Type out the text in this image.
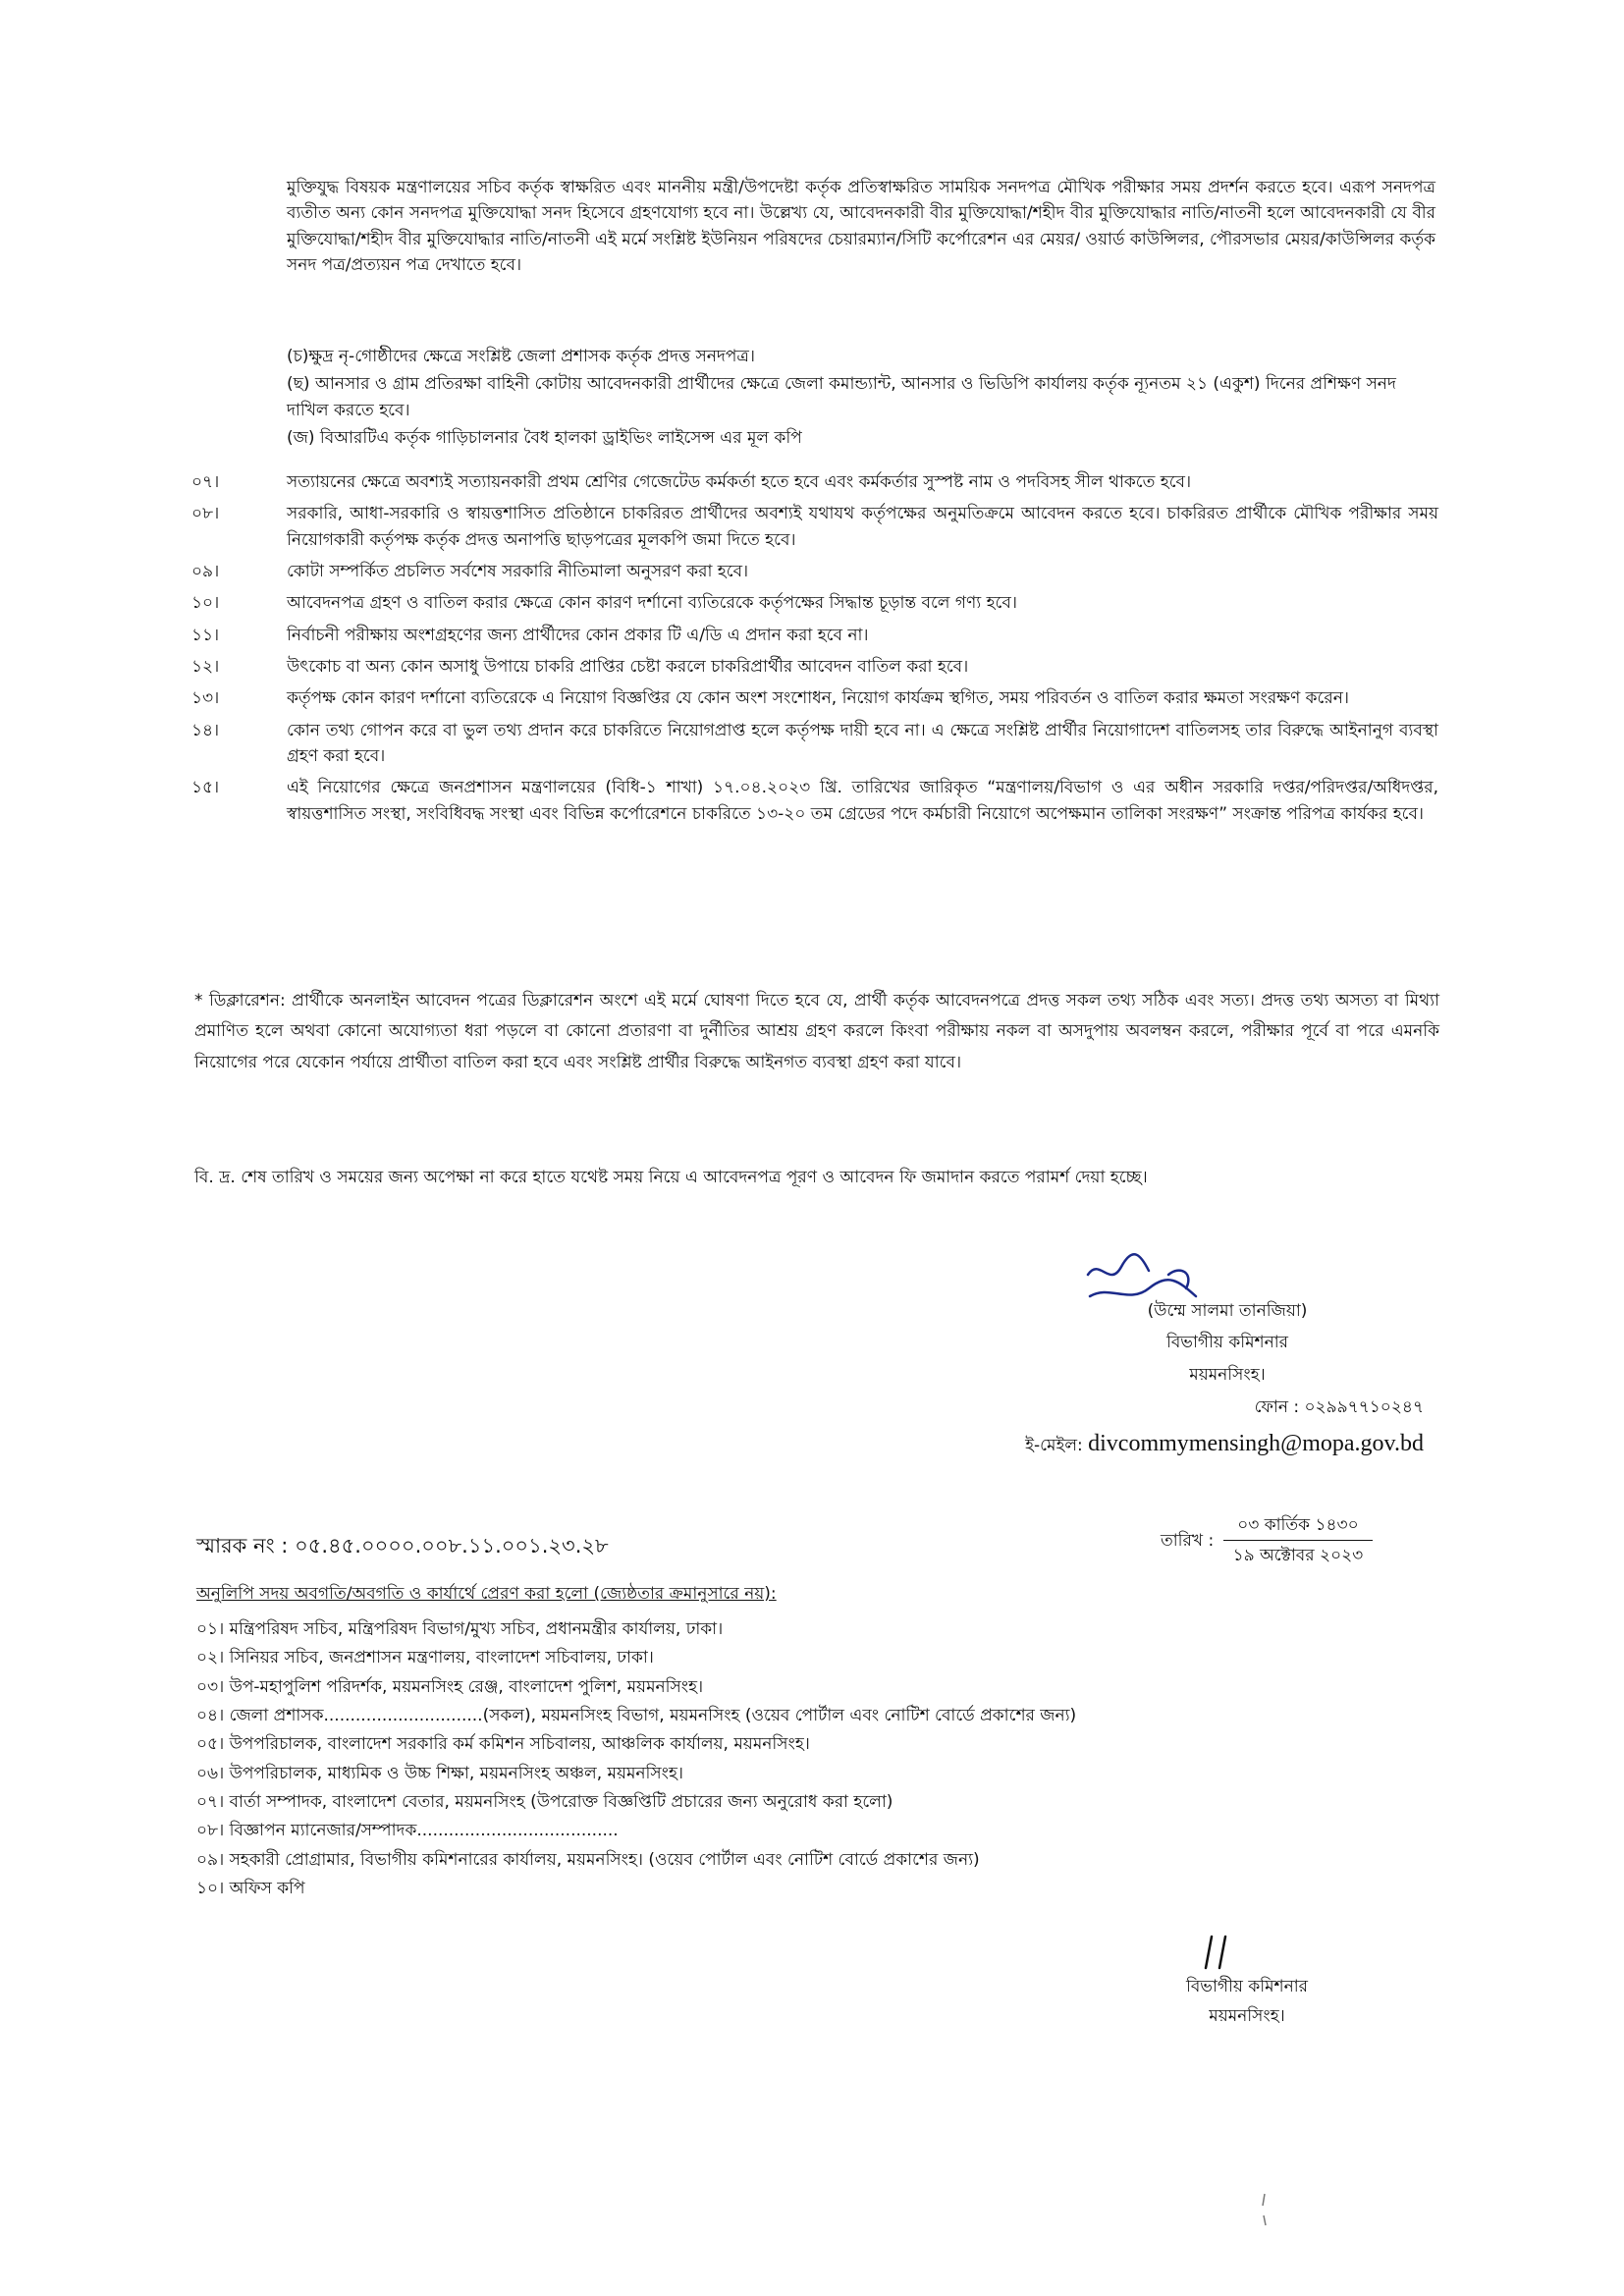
মুক্তিযুদ্ধ বিষয়ক মন্ত্রণালয়ের সচিব কর্তৃক স্বাক্ষরিত এবং মাননীয় মন্ত্রী/উপদেষ্টা কর্তৃক প্রতিস্বাক্ষরিত সাময়িক সনদপত্র মৌখিক পরীক্ষার সময় প্রদর্শন করতে হবে। এরূপ সনদপত্র ব্যতীত অন্য কোন সনদপত্র মুক্তিযোদ্ধা সনদ হিসেবে গ্রহণযোগ্য হবে না। উল্লেখ্য যে, আবেদনকারী বীর মুক্তিযোদ্ধা/শহীদ বীর মুক্তিযোদ্ধার নাতি/নাতনী হলে আবেদনকারী যে বীর মুক্তিযোদ্ধা/শহীদ বীর মুক্তিযোদ্ধার নাতি/নাতনী এই মর্মে সংশ্লিষ্ট ইউনিয়ন পরিষদের চেয়ারম্যান/সিটি কর্পোরেশন এর মেয়র/ ওয়ার্ড কাউন্সিলর, পৌরসভার মেয়র/কাউন্সিলর কর্তৃক সনদ পত্র/প্রত্যয়ন পত্র দেখাতে হবে।

(চ)ক্ষুদ্র নৃ-গোষ্ঠীদের ক্ষেত্রে সংশ্লিষ্ট জেলা প্রশাসক কর্তৃক প্রদত্ত সনদপত্র।

(ছ) আনসার ও গ্রাম প্রতিরক্ষা বাহিনী কোটায় আবেদনকারী প্রার্থীদের ক্ষেত্রে জেলা কমান্ড্যান্ট, আনসার ও ভিডিপি কার্যালয় কর্তৃক ন্যূনতম ২১ (একুশ) দিনের প্রশিক্ষণ সনদ দাখিল করতে হবে।

(জ) বিআরটিএ কর্তৃক গাড়িচালনার বৈধ হালকা ড্রাইভিং লাইসেন্স এর মূল কপি

০৭।	সত্যায়নের ক্ষেত্রে অবশ্যই সত্যায়নকারী প্রথম শ্রেণির গেজেটেড কর্মকর্তা হতে হবে এবং কর্মকর্তার সুস্পষ্ট নাম ও পদবিসহ সীল থাকতে হবে।
০৮।	সরকারি, আধা-সরকারি ও স্বায়ত্তশাসিত প্রতিষ্ঠানে চাকরিরত প্রার্থীদের অবশ্যই যথাযথ কর্তৃপক্ষের অনুমতিক্রমে আবেদন করতে হবে। চাকরিরত প্রার্থীকে মৌখিক পরীক্ষার সময় নিয়োগকারী কর্তৃপক্ষ কর্তৃক প্রদত্ত অনাপত্তি ছাড়পত্রের মূলকপি জমা দিতে হবে।
০৯।	কোটা সম্পর্কিত প্রচলিত সর্বশেষ সরকারি নীতিমালা অনুসরণ করা হবে।
১০।	আবেদনপত্র গ্রহণ ও বাতিল করার ক্ষেত্রে কোন কারণ দর্শানো ব্যতিরেকে কর্তৃপক্ষের সিদ্ধান্ত চূড়ান্ত বলে গণ্য হবে।
১১।	নির্বাচনী পরীক্ষায় অংশগ্রহণের জন্য প্রার্থীদের কোন প্রকার টি এ/ডি এ প্রদান করা হবে না।
১২।	উৎকোচ বা অন্য কোন অসাধু উপায়ে চাকরি প্রাপ্তির চেষ্টা করলে চাকরিপ্রার্থীর আবেদন বাতিল করা হবে।
১৩।	কর্তৃপক্ষ কোন কারণ দর্শানো ব্যতিরেকে এ নিয়োগ বিজ্ঞপ্তির যে কোন অংশ সংশোধন, নিয়োগ কার্যক্রম স্থগিত, সময় পরিবর্তন ও বাতিল করার ক্ষমতা সংরক্ষণ করেন।
১৪।	কোন তথ্য গোপন করে বা ভুল তথ্য প্রদান করে চাকরিতে নিয়োগপ্রাপ্ত হলে কর্তৃপক্ষ দায়ী হবে না। এ ক্ষেত্রে সংশ্লিষ্ট প্রার্থীর নিয়োগাদেশ বাতিলসহ তার বিরুদ্ধে আইনানুগ ব্যবস্থা গ্রহণ করা হবে।
১৫।	এই নিয়োগের ক্ষেত্রে জনপ্রশাসন মন্ত্রণালয়ের (বিধি-১ শাখা) ১৭.০৪.২০২৩ খ্রি. তারিখের জারিকৃত “মন্ত্রণালয়/বিভাগ ও এর অধীন সরকারি দপ্তর/পরিদপ্তর/অধিদপ্তর, স্বায়ত্তশাসিত সংস্থা, সংবিধিবদ্ধ সংস্থা এবং বিভিন্ন কর্পোরেশনে চাকরিতে ১৩-২০ তম গ্রেডের পদে কর্মচারী নিয়োগে অপেক্ষমান তালিকা সংরক্ষণ” সংক্রান্ত পরিপত্র কার্যকর হবে।
* ডিক্লারেশন: প্রার্থীকে অনলাইন আবেদন পত্রের ডিক্লারেশন অংশে এই মর্মে ঘোষণা দিতে হবে যে, প্রার্থী কর্তৃক আবেদনপত্রে প্রদত্ত সকল তথ্য সঠিক এবং সত্য। প্রদত্ত তথ্য অসত্য বা মিথ্যা প্রমাণিত হলে অথবা কোনো অযোগ্যতা ধরা পড়লে বা কোনো প্রতারণা বা দুর্নীতির আশ্রয় গ্রহণ করলে কিংবা পরীক্ষায় নকল বা অসদুপায় অবলম্বন করলে, পরীক্ষার পূর্বে বা পরে এমনকি নিয়োগের পরে যেকোন পর্যায়ে প্রার্থীতা বাতিল করা হবে এবং সংশ্লিষ্ট প্রার্থীর বিরুদ্ধে আইনগত ব্যবস্থা গ্রহণ করা যাবে।
বি. দ্র. শেষ তারিখ ও সময়ের জন্য অপেক্ষা না করে হাতে যথেষ্ট সময় নিয়ে এ আবেদনপত্র পূরণ ও আবেদন ফি জমাদান করতে পরামর্শ দেয়া হচ্ছে।
(উম্মে সালমা তানজিয়া)
বিভাগীয় কমিশনার
ময়মনসিংহ।
ফোন : ০২৯৯৭৭১০২৪৭
ই-মেইল: divcommymensingh@mopa.gov.bd
স্মারক নং : ০৫.৪৫.০০০০.০০৮.১১.০০১.২৩.২৮	তারিখ :
০৩ কার্তিক ১৪৩০
১৯ অক্টোবর ২০২৩
অনুলিপি সদয় অবগতি/অবগতি ও কার্যার্থে প্রেরণ করা হলো (জ্যেষ্ঠতার ক্রমানুসারে নয়):
০১। মন্ত্রিপরিষদ সচিব, মন্ত্রিপরিষদ বিভাগ/মুখ্য সচিব, প্রধানমন্ত্রীর কার্যালয়, ঢাকা।
০২। সিনিয়র সচিব, জনপ্রশাসন মন্ত্রণালয়, বাংলাদেশ সচিবালয়, ঢাকা।
০৩। উপ-মহাপুলিশ পরিদর্শক, ময়মনসিংহ রেঞ্জ, বাংলাদেশ পুলিশ, ময়মনসিংহ।
০৪। জেলা প্রশাসক..............................(সকল), ময়মনসিংহ বিভাগ, ময়মনসিংহ (ওয়েব পোর্টাল এবং নোটিশ বোর্ডে প্রকাশের জন্য)
০৫। উপপরিচালক, বাংলাদেশ সরকারি কর্ম কমিশন সচিবালয়, আঞ্চলিক কার্যালয়, ময়মনসিংহ।
০৬। উপপরিচালক, মাধ্যমিক ও উচ্চ শিক্ষা, ময়মনসিংহ অঞ্চল, ময়মনসিংহ।
০৭। বার্তা সম্পাদক, বাংলাদেশ বেতার, ময়মনসিংহ (উপরোক্ত বিজ্ঞপ্তিটি প্রচারের জন্য অনুরোধ করা হলো)
০৮। বিজ্ঞাপন ম্যানেজার/সম্পাদক......................................
০৯। সহকারী প্রোগ্রামার, বিভাগীয় কমিশনারের কার্যালয়, ময়মনসিংহ। (ওয়েব পোর্টাল এবং নোটিশ বোর্ডে প্রকাশের জন্য)
১০। অফিস কপি
বিভাগীয় কমিশনার
ময়মনসিংহ।
